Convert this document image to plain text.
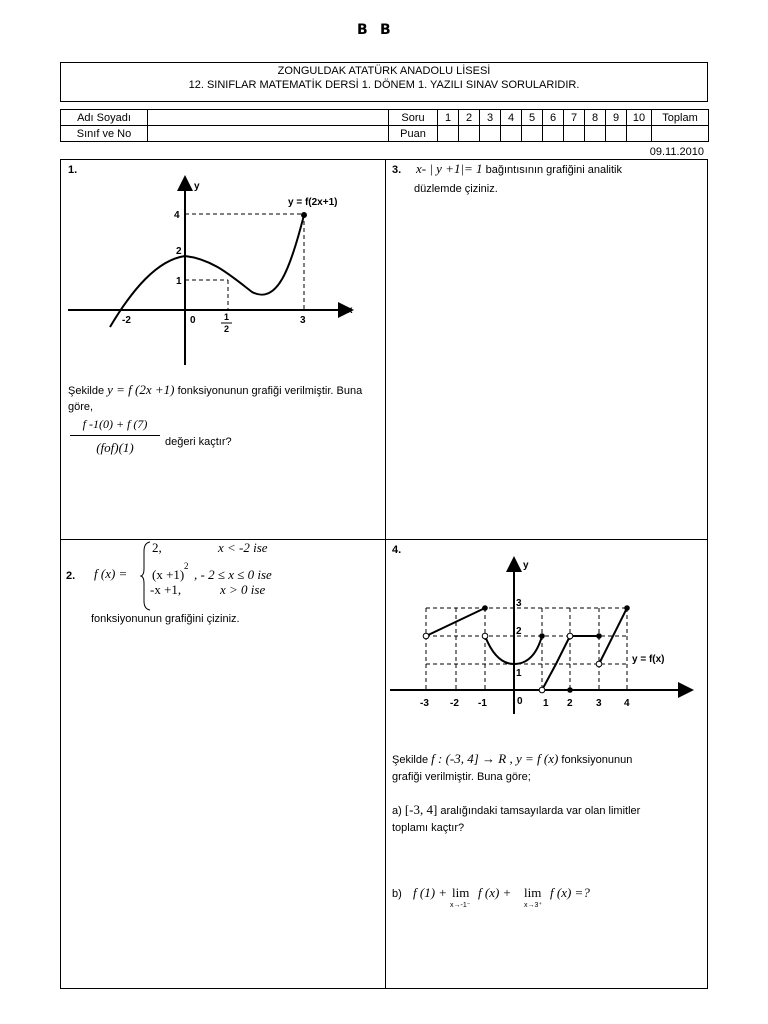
B B
ZONGULDAK ATATÜRK ANADOLU LİSESİ
12. SINIFLAR MATEMATİK DERSİ 1. DÖNEM 1. YAZILI SINAV SORULARIDIR.
Adı Soyadı		Soru	1	2	3	4	5	6	7	8	9	10	Toplam
Sınıf ve No		Puan											
09.11.2010
1.
y
x
y = f(2x+1)
4
2
1
-2	0	3
1
2
Şekilde y = f (2x +1) fonksiyonunun grafiği verilmiştir. Buna göre,
f -1(0) + f (7)
(fof)(1)	değeri kaçtır?
2. f (x) =
2,	x < -2 ise
(x +1)
2
, - 2 ≤ x ≤ 0 ise
-x +1,	x > 0 ise
fonksiyonunun grafiğini çiziniz.
3. x- | y +1|= 1 bağıntısının grafiğini analitik
düzlemde çiziniz.
4.
y
x
y = f(x)
3
2
1
-3 -2 -1	0 1 2 3 4
Şekilde f : (-3, 4] → R , y = f (x) fonksiyonunun
grafiği verilmiştir. Buna göre;
a) [-3, 4] aralığındaki tamsayılarda var olan limitler
toplamı kaçtır?
b) f (1) + lim
x→-1⁻
f (x) + lim
x→3⁺
f (x) =?
